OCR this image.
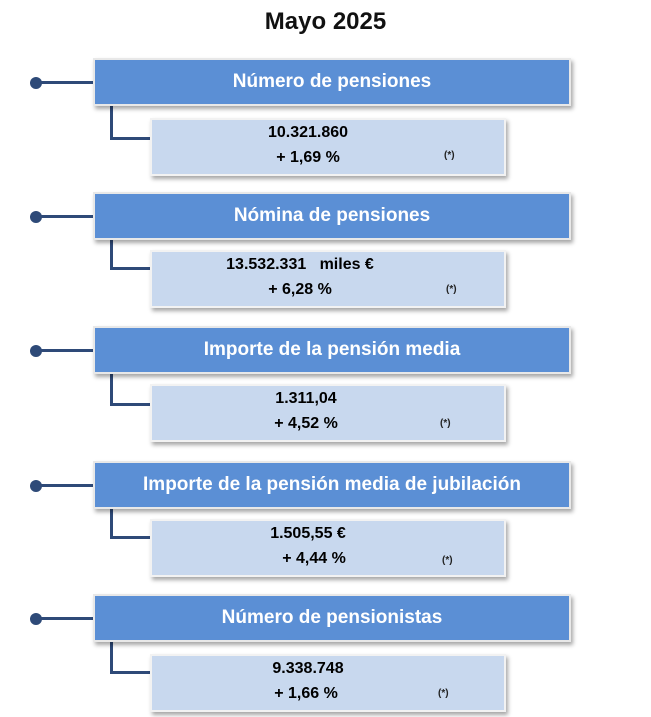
Mayo 2025
Número de pensiones
10.321.860
+ 1,69 %	(*)
Nómina de pensiones
13.532.331   miles €
+ 6,28 %	(*)
Importe de la pensión media
1.311,04
+ 4,52 %	(*)
Importe de la pensión media de jubilación
1.505,55 €
+ 4,44 %	(*)
Número de pensionistas
9.338.748
+ 1,66 %	(*)
